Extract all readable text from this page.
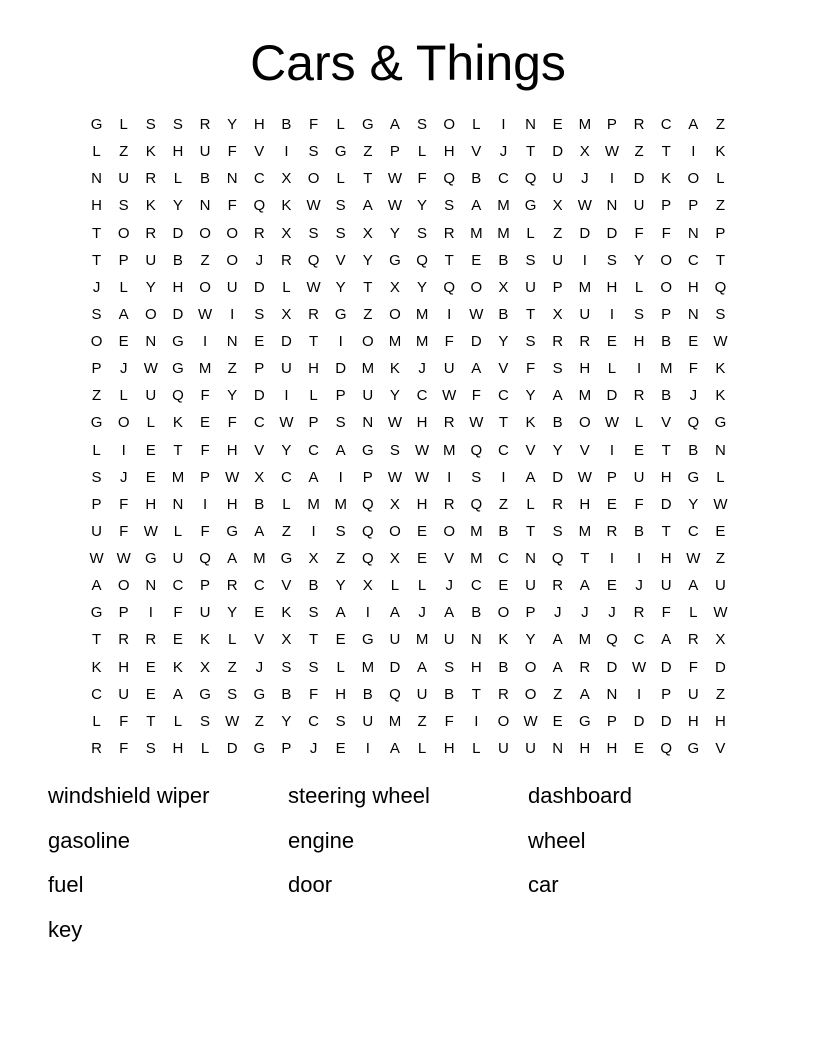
Cars & Things
G	L	S	S	R	Y	H	B	F	L	G	A	S	O	L	I	N	E	M	P	R	C	A	Z
L	Z	K	H	U	F	V	I	S	G	Z	P	L	H	V	J	T	D	X	W	Z	T	I	K
N	U	R	L	B	N	C	X	O	L	T	W	F	Q	B	C	Q	U	J	I	D	K	O	L
H	S	K	Y	N	F	Q	K	W	S	A	W	Y	S	A	M	G	X	W N	U	P	P	Z
T	O	R	D	O	O	R	X	S	S	X	Y	S	R	M M	L	Z	D	D	F	F	N	P
T	P	U	B	Z	O	J	R	Q	V	Y	G	Q	T	E	B	S	U	I	S	Y	O	C	T
J	L	Y	H	O	U	D	L	W	Y	T	X	Y	Q	O	X	U	P	M	H	L	O	H	Q
S	A	O	D W	I	S	X	R	G	Z	O	M	I	W	B	T	X	U	I	S	P	N	S
O	E	N	G	I	N	E	D	T	I	O	M M	F	D	Y	S	R	R	E	H	B	E	W
P	J	W G	M	Z	P	U	H	D	M	K	J	U	A	V	F	S	H	L	I	M	F	K
Z	L	U	Q	F	Y	D	I	L	P	U	Y	C W	F	C	Y	A	M	D	R	B	J	K
G	O	L	K	E	F	C W	P	S	N W H	R W	T	K	B	O W	L	V	Q	G
L	I	E	T	F	H	V	Y	C	A	G	S	W M	Q	C	V	Y	V	I	E	T	B	N
S	J	E	M	P	W	X	C	A	I	P	W W	I	S	I	A	D W	P	U	H	G	L
P	F	H	N	I	H	B	L	M M	Q	X	H	R	Q	Z	L	R	H	E	F	D	Y	W
U	F	W	L	F	G	A	Z	I	S	Q	O	E	O	M	B	T	S	M	R	B	T	C	E
W W G	U	Q	A	M	G	X	Z	Q	X	E	V	M	C	N	Q	T	I	I	H W	Z
A	O	N	C	P	R	C	V	B	Y	X	L	L	J	C	E	U	R	A	E	J	U	A	U
G	P	I	F	U	Y	E	K	S	A	I	A	J	A	B	O	P	J	J	J	R	F	L	W
T	R	R	E	K	L	V	X	T	E	G	U	M	U	N	K	Y	A	M	Q	C	A	R	X
K	H	E	K	X	Z	J	S	S	L	M	D	A	S	H	B	O	A	R	D W D	F	D
C	U	E	A	G	S	G	B	F	H	B	Q	U	B	T	R	O	Z	A	N	I	P	U	Z
L	F	T	L	S	W	Z	Y	C	S	U	M	Z	F	I	O W	E	G	P	D	D	H	H
R	F	S	H	L	D	G	P	J	E	I	A	L	H	L	U	U	N	H	H	E	Q	G	V
windshield wiper	steering wheel	dashboard
gasoline	engine	wheel
fuel	door	car
key
